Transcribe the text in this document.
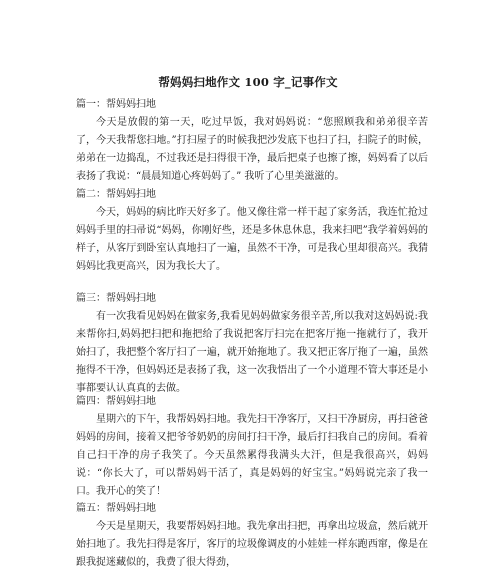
帮妈妈扫地作文 100 字_记事作文

篇一：帮妈妈扫地

今天是放假的第一天，吃过早饭，我对妈妈说：“您照顾我和弟弟很辛苦了，今天我帮您扫地。”打扫屋子的时候我把沙发底下也扫了扫，扫院子的时候，弟弟在一边捣乱，不过我还是扫得很干净，最后把桌子也擦了擦，妈妈看了以后表扬了我说：“晨晨知道心疼妈妈了。” 我听了心里美滋滋的。

篇二：帮妈妈扫地

今天，妈妈的病比昨天好多了。他又像往常一样干起了家务活，我连忙抢过妈妈手里的扫帚说“妈妈，你刚好些，还是多休息休息，我来扫吧”我学着妈妈的样子，从客厅到卧室认真地扫了一遍，虽然不干净，可是我心里却很高兴。我猜妈妈比我更高兴，因为我长大了。

篇三：帮妈妈扫地

有一次我看见妈妈在做家务,我看见妈妈做家务很辛苦,所以我对这妈妈说:我来帮你扫,妈妈把扫把和拖把给了我说把客厅扫完在把客厅拖一拖就行了，我开始扫了，我把整个客厅扫了一遍，就开始拖地了。我又把正客厅拖了一遍，虽然拖得不干净，但妈妈还是表扬了我，这一次我悟出了一个小道理不管大事还是小事都要认认真真的去做。

篇四：帮妈妈扫地

星期六的下午，我帮妈妈扫地。我先扫干净客厅，又扫干净厨房，再扫爸爸妈妈的房间，接着又把爷爷奶奶的房间打扫干净，最后打扫我自己的房间。看着自己扫干净的房子我笑了。今天虽然累得我满头大汗，但是我很高兴，妈妈说：“你长大了，可以帮妈妈干活了，真是妈妈的好宝宝。”妈妈说完亲了我一口。我开心的笑了！

篇五：帮妈妈扫地

今天是星期天，我要帮妈妈扫地。我先拿出扫把，再拿出垃圾盒，然后就开始扫地了。我先扫得是客厅，客厅的垃圾像调皮的小娃娃一样东跑西窜，像是在跟我捉迷藏似的，我费了很大得劲，
